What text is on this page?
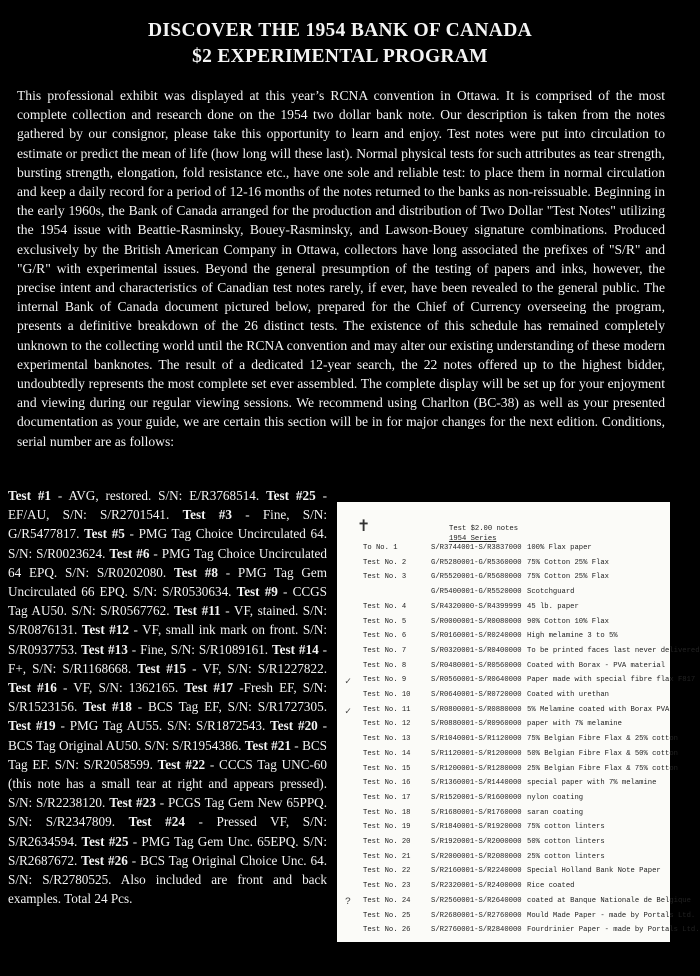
DISCOVER THE 1954 BANK OF CANADA
$2 EXPERIMENTAL PROGRAM

This professional exhibit was displayed at this year’s RCNA convention in Ottawa. It is comprised of the most complete collection and research done on the 1954 two dollar bank note. Our description is taken from the notes gathered by our consignor, please take this opportunity to learn and enjoy. Test notes were put into circulation to estimate or predict the mean of life (how long will these last). Normal physical tests for such attributes as tear strength, bursting strength, elongation, fold resistance etc., have one sole and reliable test: to place them in normal circulation and keep a daily record for a period of 12-16 months of the notes returned to the banks as non-reissuable. Beginning in the early 1960s, the Bank of Canada arranged for the production and distribution of Two Dollar "Test Notes" utilizing the 1954 issue with Beattie-Rasminsky, Bouey-Rasminsky, and Lawson-Bouey signature combinations. Produced exclusively by the British American Company in Ottawa, collectors have long associated the prefixes of "S/R" and "G/R" with experimental issues. Beyond the general presumption of the testing of papers and inks, however, the precise intent and characteristics of Canadian test notes rarely, if ever, have been revealed to the general public. The internal Bank of Canada document pictured below, prepared for the Chief of Currency overseeing the program, presents a definitive breakdown of the 26 distinct tests. The existence of this schedule has remained completely unknown to the collecting world until the RCNA convention and may alter our existing understanding of these modern experimental banknotes. The result of a dedicated 12-year search, the 22 notes offered up to the highest bidder, undoubtedly represents the most complete set ever assembled. The complete display will be set up for your enjoyment and viewing during our regular viewing sessions. We recommend using Charlton (BC-38) as well as your presented documentation as your guide, we are certain this section will be in for major changes for the next edition. Conditions, serial number are as follows:

Test #1 - AVG, restored. S/N: E/R3768514. Test #25 - EF/AU, S/N: S/R2701541. Test #3 - Fine, S/N: G/R5477817. Test #5 - PMG Tag Choice Uncirculated 64. S/N: S/R0023624. Test #6 - PMG Tag Choice Uncirculated 64 EPQ. S/N: S/R0202080. Test #8 - PMG Tag Gem Uncirculated 66 EPQ. S/N: S/R0530634. Test #9 - CCGS Tag AU50. S/N: S/R0567762. Test #11 - VF, stained. S/N: S/R0876131. Test #12 - VF, small ink mark on front. S/N: S/R0937753. Test #13 - Fine, S/N: S/R1089161. Test #14 - F+, S/N: S/R1168668. Test #15 - VF, S/N: S/R1227822. Test #16 - VF, S/N: 1362165. Test #17 -Fresh EF, S/N: S/R1523156. Test #18 - BCS Tag EF, S/N: S/R1727305. Test #19 - PMG Tag AU55. S/N: S/R1872543. Test #20 - BCS Tag Original AU50. S/N: S/R1954386. Test #21 - BCS Tag EF. S/N: S/R2058599. Test #22 - CCCS Tag UNC-60 (this note has a small tear at right and appears pressed). S/N: S/R2238120. Test #23 - PCGS Tag Gem New 65PPQ. S/N: S/R2347809. Test #24 - Pressed VF, S/N: S/R2634594. Test #25 - PMG Tag Gem Unc. 65EPQ. S/N: S/R2687672. Test #26 - BCS Tag Original Choice Unc. 64. S/N: S/R2780525. Also included are front and back examples. Total 24 Pcs.
✝	Test $2.00 notes
1954 Series
To No. 1	S/R3744001-S/R3837000 100% Flax paper
Test No. 2	G/R5280001-G/R5360000 75% Cotton 25% Flax
Test No. 3	G/R5520001-G/R5680000 75% Cotton 25% Flax
G/R5400001-G/R5520000 Scotchguard
Test No. 4	S/R4320000-S/R4399999 45 lb. paper
Test No. 5	S/R0000001-S/R0080000 90% Cotton 10% Flax
Test No. 6	S/R0160001-S/R0240000 High melamine 3 to 5%
Test No. 7	S/R0320001-S/R0400000 To be printed faces last never delivered
Test No. 8	S/R0480001-S/R0560000 Coated with Borax - PVA material
✓ Test No. 9	S/R0560001-S/R0640000 Paper made with special fibre flax F817
Test No. 10	S/R0640001-S/R0720000 Coated with urethan
✓ Test No. 11	S/R0800001-S/R0880000 5% Melamine coated with Borax PVA
Test No. 12	S/R0880001-S/R0960000 paper with 7% melamine
Test No. 13	S/R1040001-S/R1120000 75% Belgian Fibre Flax & 25% cotton
Test No. 14	S/R1120001-S/R1200000 50% Belgian Fibre Flax & 50% cotton
Test No. 15	S/R1200001-S/R1280000 25% Belgian Fibre Flax & 75% cotton
Test No. 16	S/R1360001-S/R1440000 special paper with 7% melamine
Test No. 17	S/R1520001-S/R1600000 nylon coating
Test No. 18	S/R1680001-S/R1760000 saran coating
Test No. 19	S/R1840001-S/R1920000 75% cotton linters
Test No. 20	S/R1920001-S/R2000000 50% cotton linters
Test No. 21	S/R2000001-S/R2080000 25% cotton linters
Test No. 22	S/R2160001-S/R2240000 Special Holland Bank Note Paper
Test No. 23	S/R2320001-S/R2400000 Rice coated
? Test No. 24	S/R2560001-S/R2640000 coated at Banque Nationale de Belgique
Test No. 25	S/R2680001-S/R2760000 Mould Made Paper - made by Portals Ltd.
Test No. 26	S/R2760001-S/R2840000 Fourdrinier Paper - made by Portals Ltd.
